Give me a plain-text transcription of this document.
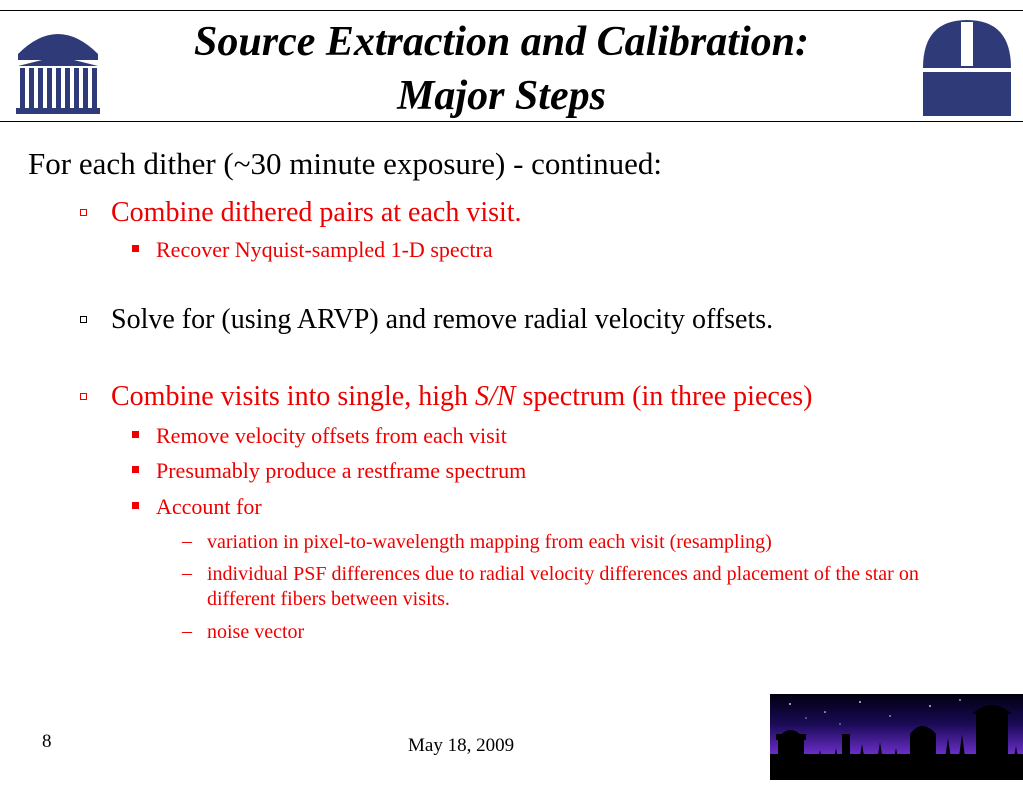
Source Extraction and Calibration:
Major Steps
For each dither (~30 minute exposure) - continued:
Combine dithered pairs at each visit.
Recover Nyquist-sampled 1-D spectra
Solve for (using ARVP) and remove radial velocity offsets.
Combine visits into single, high S/N spectrum (in three pieces)
Remove velocity offsets from each visit
Presumably produce a restframe spectrum
Account for
– variation in pixel-to-wavelength mapping from each visit (resampling)
– individual PSF differences due to radial velocity differences and placement of the star on different fibers between visits.
– noise vector
8	May 18, 2009
